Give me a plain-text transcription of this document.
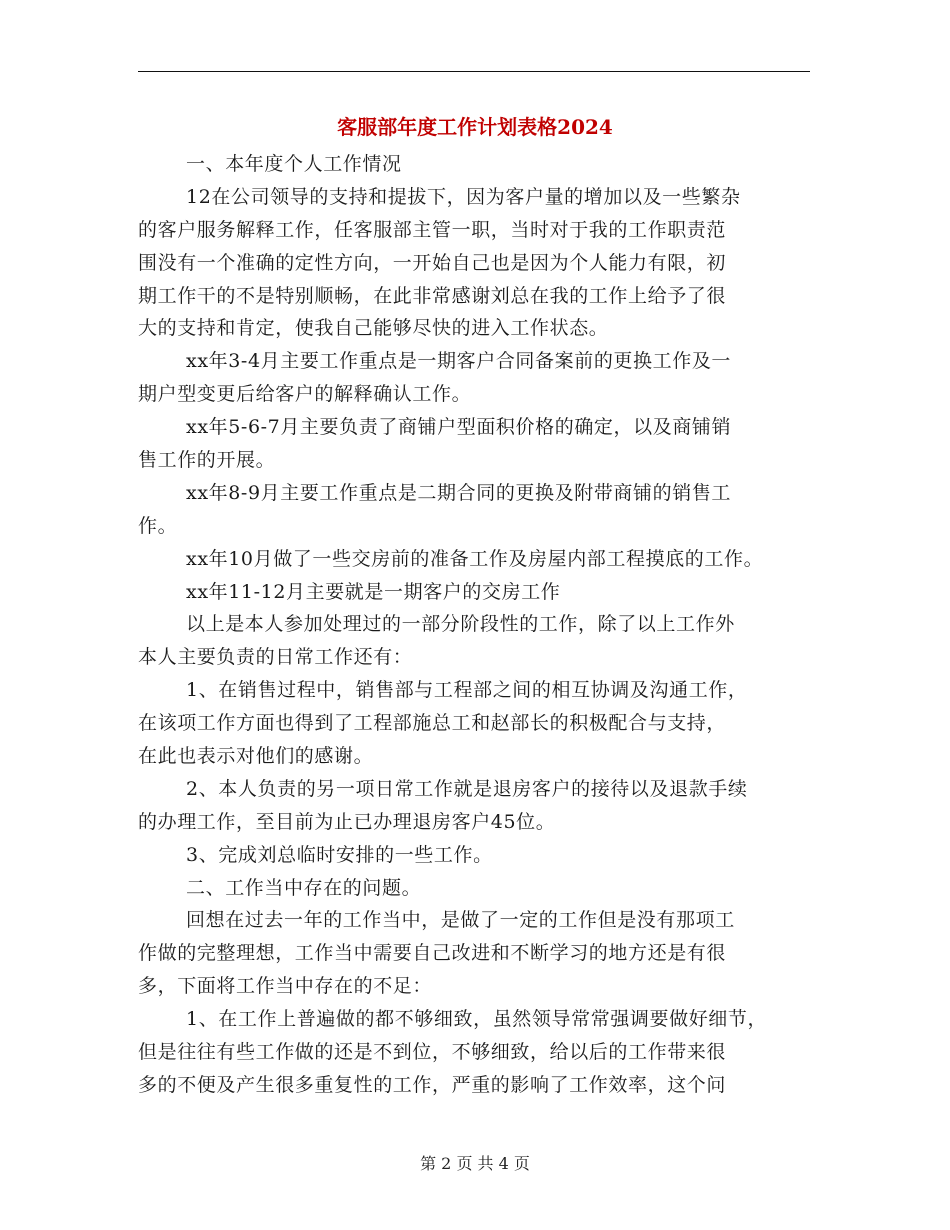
客服部年度工作计划表格2024
一、本年度个人工作情况
12在公司领导的支持和提拔下，因为客户量的增加以及一些繁杂
的客户服务解释工作，任客服部主管一职，当时对于我的工作职责范
围没有一个准确的定性方向，一开始自己也是因为个人能力有限，初
期工作干的不是特别顺畅，在此非常感谢刘总在我的工作上给予了很
大的支持和肯定，使我自己能够尽快的进入工作状态。
xx年3-4月主要工作重点是一期客户合同备案前的更换工作及一
期户型变更后给客户的解释确认工作。
xx年5-6-7月主要负责了商铺户型面积价格的确定，以及商铺销
售工作的开展。
xx年8-9月主要工作重点是二期合同的更换及附带商铺的销售工
作。
xx年10月做了一些交房前的准备工作及房屋内部工程摸底的工作。
xx年11-12月主要就是一期客户的交房工作
以上是本人参加处理过的一部分阶段性的工作，除了以上工作外
本人主要负责的日常工作还有：
1、在销售过程中，销售部与工程部之间的相互协调及沟通工作，
在该项工作方面也得到了工程部施总工和赵部长的积极配合与支持，
在此也表示对他们的感谢。
2、本人负责的另一项日常工作就是退房客户的接待以及退款手续
的办理工作，至目前为止已办理退房客户45位。
3、完成刘总临时安排的一些工作。
二、工作当中存在的问题。
回想在过去一年的工作当中，是做了一定的工作但是没有那项工
作做的完整理想，工作当中需要自己改进和不断学习的地方还是有很
多，下面将工作当中存在的不足：
1、在工作上普遍做的都不够细致，虽然领导常常强调要做好细节，
但是往往有些工作做的还是不到位，不够细致，给以后的工作带来很
多的不便及产生很多重复性的工作，严重的影响了工作效率，这个问
第 2 页 共 4 页
